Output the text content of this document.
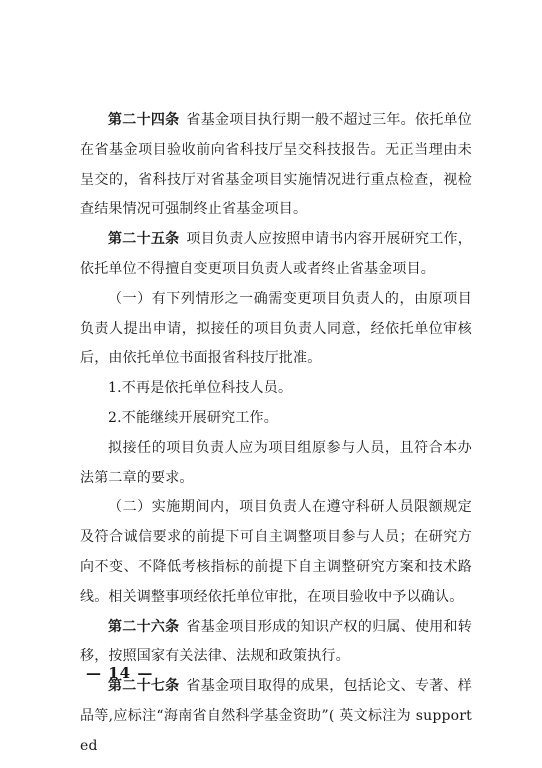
第二十四条 省基金项目执行期一般不超过三年。依托单位在省基金项目验收前向省科技厅呈交科技报告。无正当理由未呈交的，省科技厅对省基金项目实施情况进行重点检查，视检查结果情况可强制终止省基金项目。

第二十五条 项目负责人应按照申请书内容开展研究工作，依托单位不得擅自变更项目负责人或者终止省基金项目。

（一）有下列情形之一确需变更项目负责人的，由原项目负责人提出申请，拟接任的项目负责人同意，经依托单位审核后，由依托单位书面报省科技厅批准。

1.不再是依托单位科技人员。

2.不能继续开展研究工作。

拟接任的项目负责人应为项目组原参与人员，且符合本办法第二章的要求。

（二）实施期间内，项目负责人在遵守科研人员限额规定及符合诚信要求的前提下可自主调整项目参与人员；在研究方向不变、不降低考核指标的前提下自主调整研究方案和技术路线。相关调整事项经依托单位审批，在项目验收中予以确认。

第二十六条 省基金项目形成的知识产权的归属、使用和转移，按照国家有关法律、法规和政策执行。

第二十七条 省基金项目取得的成果，包括论文、专著、样品等,应标注“海南省自然科学基金资助”( 英文标注为 supported

— 14 —
